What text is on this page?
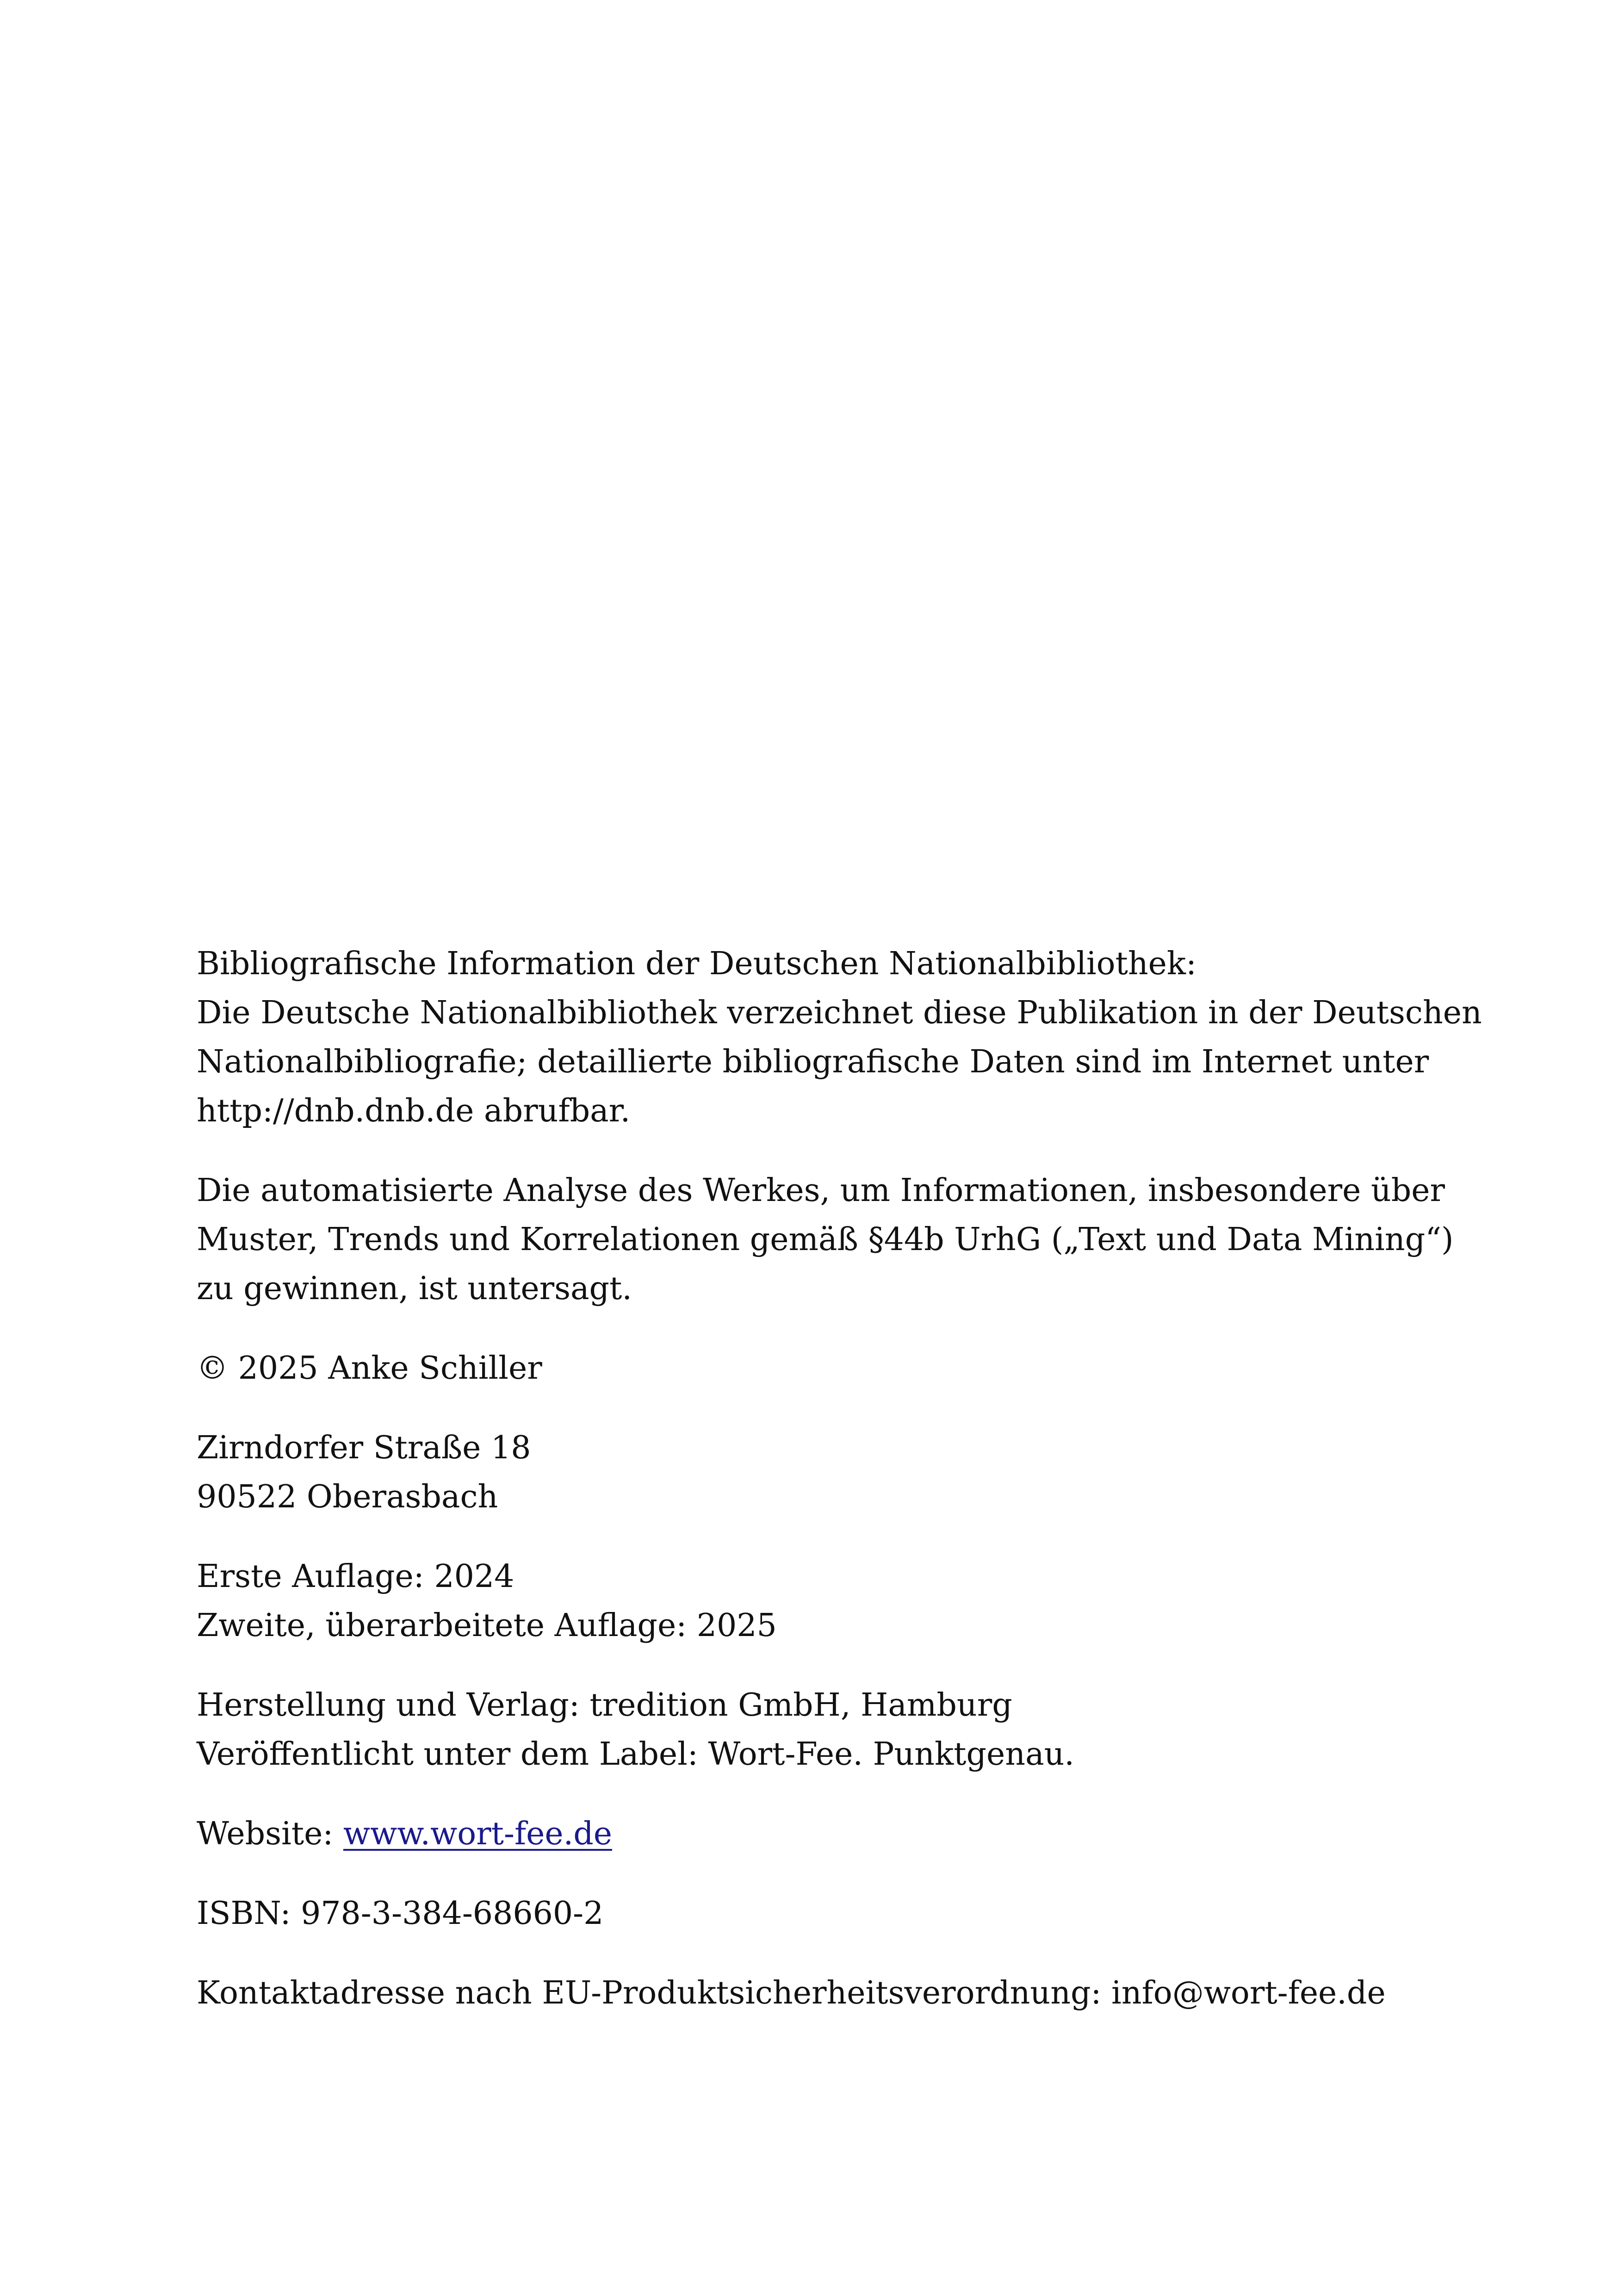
Bibliografische Information der Deutschen Nationalbibliothek:
Die Deutsche Nationalbibliothek verzeichnet diese Publikation in der Deutschen
Nationalbibliografie; detaillierte bibliografische Daten sind im Internet unter
http://dnb.dnb.de abrufbar.
Die automatisierte Analyse des Werkes, um Informationen, insbesondere über
Muster, Trends und Korrelationen gemäß §44b UrhG („Text und Data Mining“)
zu gewinnen, ist untersagt.
© 2025 Anke Schiller
Zirndorfer Straße 18
90522 Oberasbach
Erste Auflage: 2024
Zweite, überarbeitete Auflage: 2025
Herstellung und Verlag: tredition GmbH, Hamburg
Veröffentlicht unter dem Label: Wort-Fee. Punktgenau.
Website: www.wort-fee.de
ISBN: 978-3-384-68660-2
Kontaktadresse nach EU-Produktsicherheitsverordnung: info@wort-fee.de
